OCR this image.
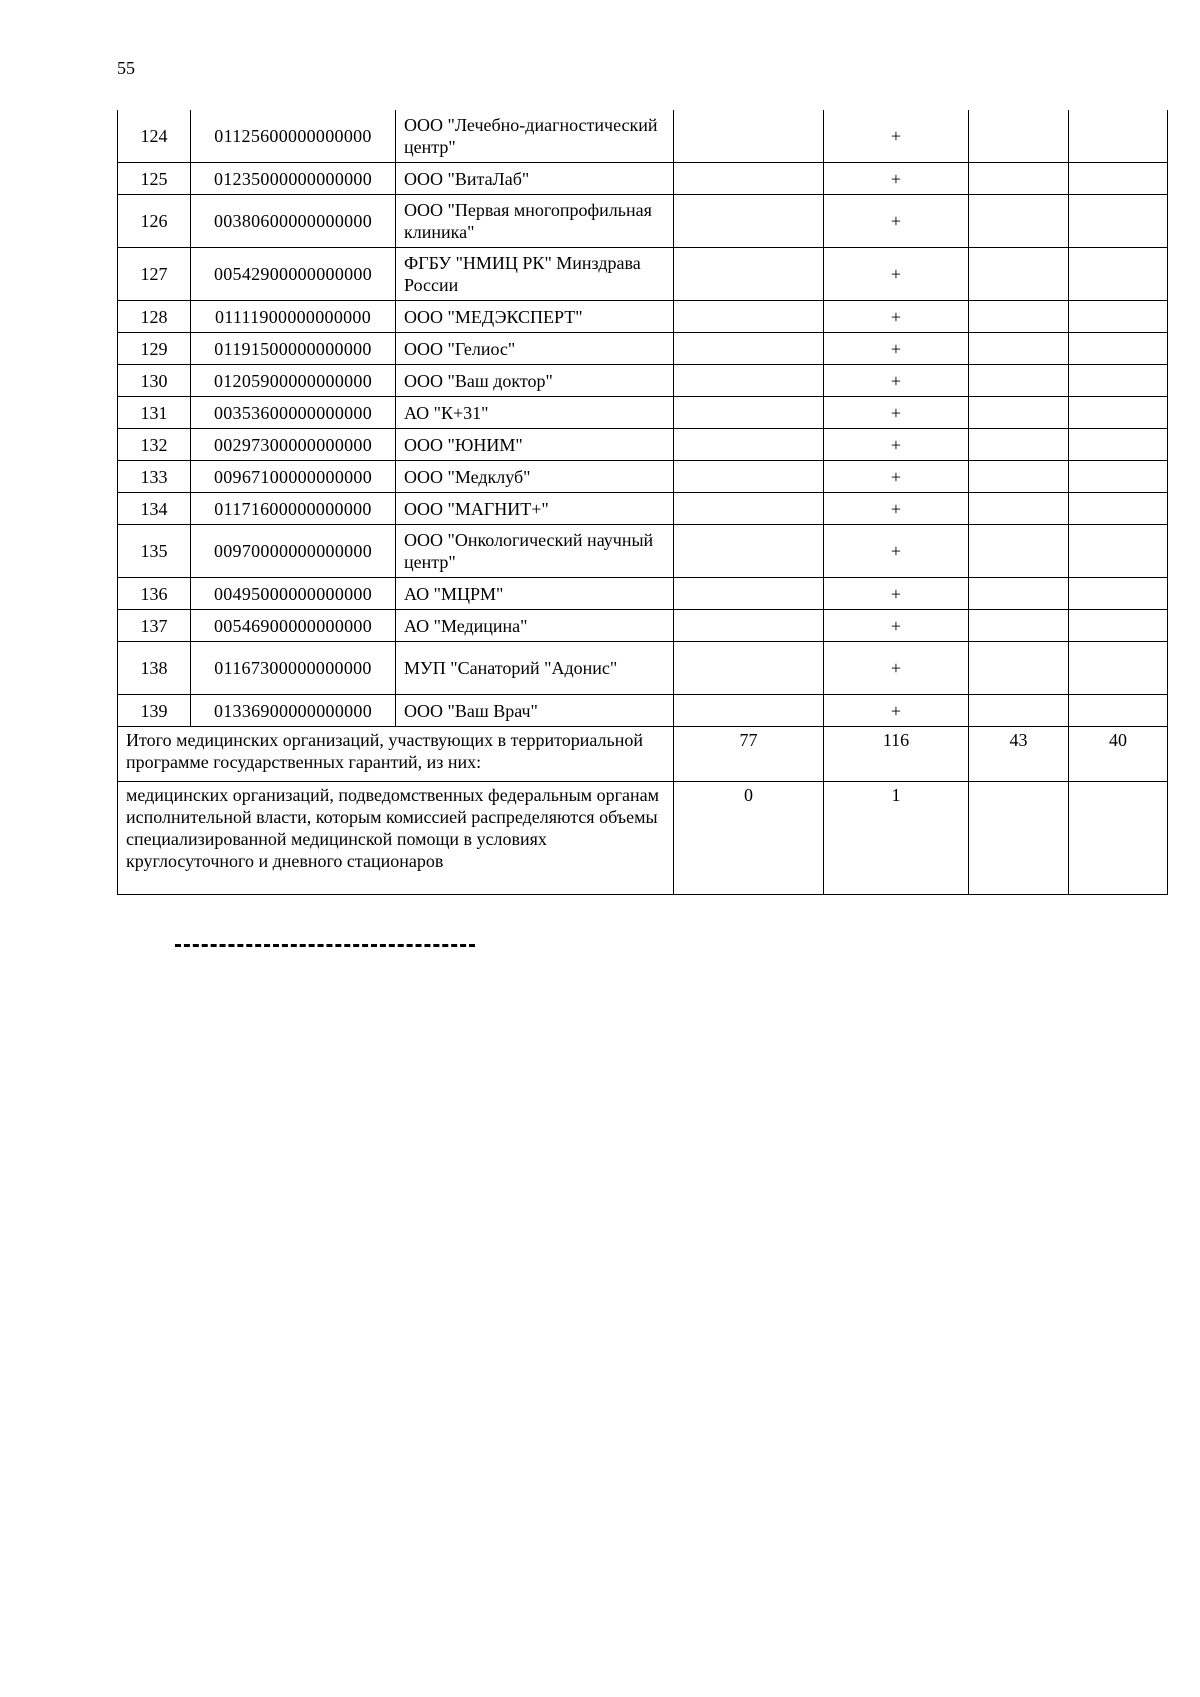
55
124	01125600000000000	ООО "Лечебно-диагностический центр"		+		
125	01235000000000000	ООО "ВитаЛаб"		+		
126	00380600000000000	ООО "Первая многопрофильная клиника"		+		
127	00542900000000000	ФГБУ "НМИЦ РК" Минздрава России		+		
128	01111900000000000	ООО "МЕДЭКСПЕРТ"		+		
129	01191500000000000	ООО "Гелиос"		+		
130	01205900000000000	ООО "Ваш доктор"		+		
131	00353600000000000	АО "К+31"		+		
132	00297300000000000	ООО "ЮНИМ"		+		
133	00967100000000000	ООО "Медклуб"		+		
134	01171600000000000	ООО "МАГНИТ+"		+		
135	00970000000000000	ООО "Онкологический научный центр"		+		
136	00495000000000000	АО "МЦРМ"		+		
137	00546900000000000	АО "Медицина"		+		
138	01167300000000000	МУП "Санаторий "Адонис"		+		
139	01336900000000000	ООО "Ваш Врач"		+		
Итого медицинских организаций, участвующих в территориальной программе государственных гарантий, из них:			77	116	43	40
медицинских организаций, подведомственных федеральным органам исполнительной власти, которым комиссией распределяются объемы специализированной медицинской помощи в условиях круглосуточного и дневного стационаров			0	1		
